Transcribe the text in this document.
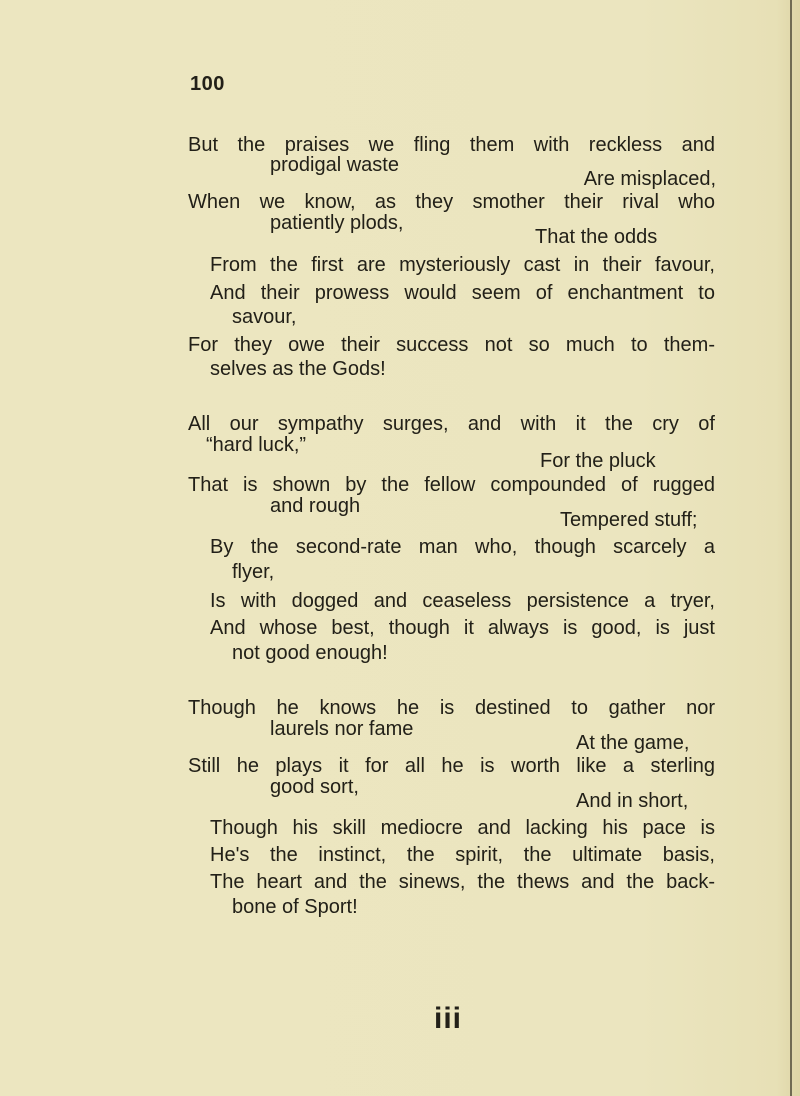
100
But the praises we fling them with reckless and
prodigal waste
Are misplaced,
When we know, as they smother their rival who
patiently plods,
That the odds
From the first are mysteriously cast in their favour,
And their prowess would seem of enchantment to
savour,
For they owe their success not so much to them-
selves as the Gods!
All our sympathy surges, and with it the cry of
“hard luck,”
For the pluck
That is shown by the fellow compounded of rugged
and rough
Tempered stuff;
By the second-rate man who, though scarcely a
flyer,
Is with dogged and ceaseless persistence a tryer,
And whose best, though it always is good, is just
not good enough!
Though he knows he is destined to gather nor
laurels nor fame
At the game,
Still he plays it for all he is worth like a sterling
good sort,
And in short,
Though his skill mediocre and lacking his pace is
He's the instinct, the spirit, the ultimate basis,
The heart and the sinews, the thews and the back-
bone of Sport!
iii
